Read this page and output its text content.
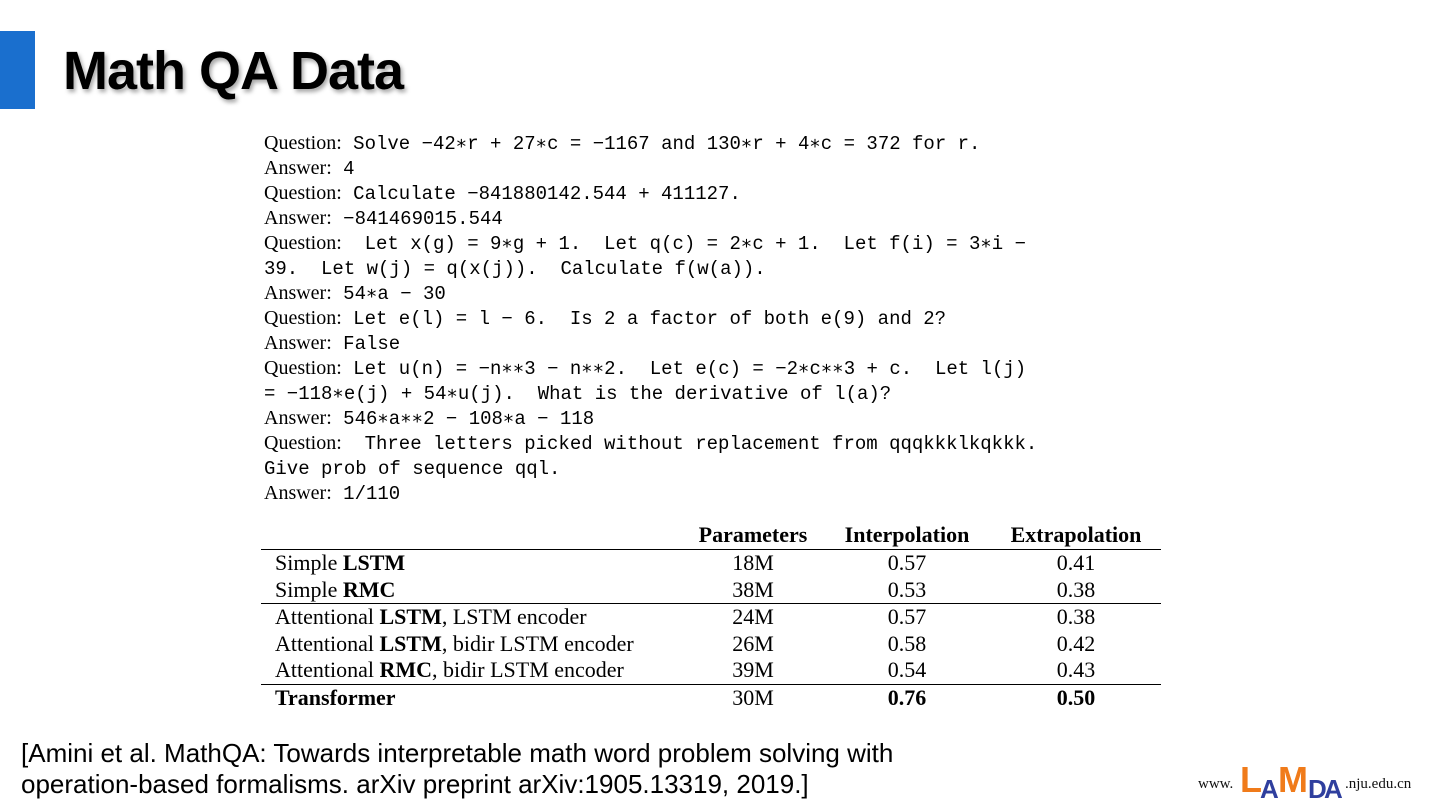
Math QA Data
Question: Solve −42∗r + 27∗c = −1167 and 130∗r + 4∗c = 372 for r.
Answer: 4
Question: Calculate −841880142.544 + 411127.
Answer: −841469015.544
Question:  Let x(g) = 9∗g + 1.  Let q(c) = 2∗c + 1.  Let f(i) = 3∗i −
39.  Let w(j) = q(x(j)).  Calculate f(w(a)).
Answer: 54∗a − 30
Question: Let e(l) = l − 6.  Is 2 a factor of both e(9) and 2?
Answer: False
Question: Let u(n) = −n∗∗3 − n∗∗2.  Let e(c) = −2∗c∗∗3 + c.  Let l(j)
= −118∗e(j) + 54∗u(j).  What is the derivative of l(a)?
Answer: 546∗a∗∗2 − 108∗a − 118
Question:  Three letters picked without replacement from qqqkkklkqkkk.
Give prob of sequence qql.
Answer: 1/110
	Parameters	Interpolation	Extrapolation
Simple LSTM	18M	0.57	0.41
Simple RMC	38M	0.53	0.38
Attentional LSTM, LSTM encoder	24M	0.57	0.38
Attentional LSTM, bidir LSTM encoder	26M	0.58	0.42
Attentional RMC, bidir LSTM encoder	39M	0.54	0.43
Transformer	30M	0.76	0.50
[Amini et al. MathQA: Towards interpretable math word problem solving with
operation-based formalisms. arXiv preprint arXiv:1905.13319, 2019.]	www. L
A M D
A .nju.edu.cn
